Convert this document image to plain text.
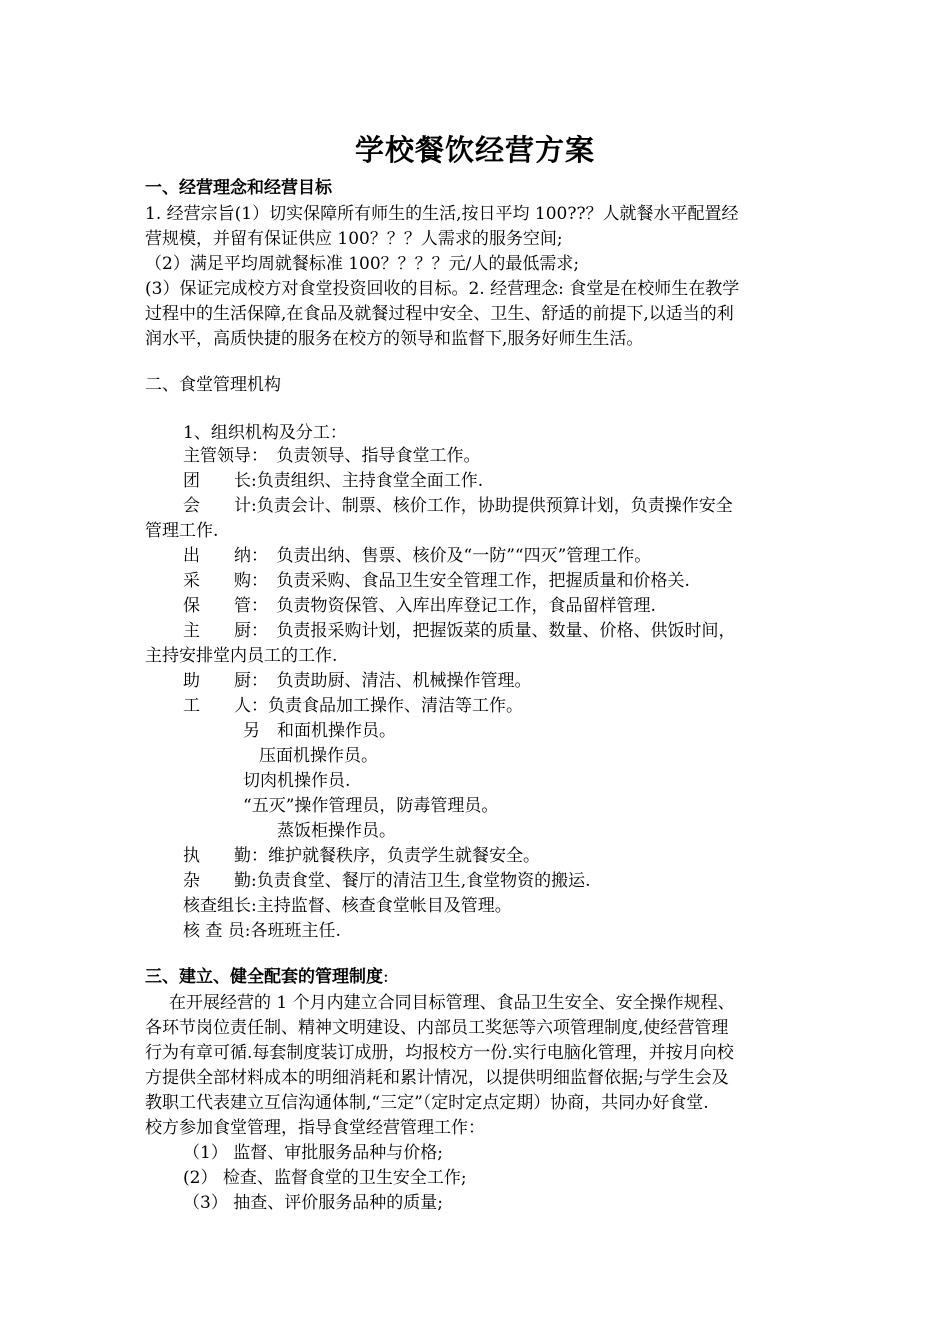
学校餐饮经营方案
一、经营理念和经营目标
1. 经营宗旨(1）切实保障所有师生的生活,按日平均 100??？人就餐水平配置经
营规模，并留有保证供应 100？？？人需求的服务空间;
（2）满足平均周就餐标准 100？？？？元/人的最低需求;
(3）保证完成校方对食堂投资回收的目标。2. 经营理念: 食堂是在校师生在教学
过程中的生活保障,在食品及就餐过程中安全、卫生、舒适的前提下,以适当的利
润水平，高质快捷的服务在校方的领导和监督下,服务好师生生活。
二、食堂管理机构
1、组织机构及分工：
主管领导：　负责领导、指导食堂工作。
团　　长:负责组织、主持食堂全面工作.
会　　计:负责会计、制票、核价工作，协助提供预算计划，负责操作安全
管理工作.
出　　纳：　负责出纳、售票、核价及“一防”“四灭”管理工作。
采　　购：　负责采购、食品卫生安全管理工作，把握质量和价格关.
保　　管：　负责物资保管、入库出库登记工作，食品留样管理.
主　　厨：　负责报采购计划，把握饭菜的质量、数量、价格、供饭时间，
主持安排堂内员工的工作.
助　　厨：　负责助厨、清洁、机械操作管理。
工　　人：负责食品加工操作、清洁等工作。
另　和面机操作员。
压面机操作员。
切肉机操作员.
“五灭”操作管理员，防毒管理员。
蒸饭柜操作员。
执　　勤：维护就餐秩序，负责学生就餐安全。
杂　　勤:负责食堂、餐厅的清洁卫生,食堂物资的搬运.
核查组长:主持监督、核查食堂帐目及管理。
核 查 员:各班班主任.
三、建立、健全配套的管理制度:
在开展经营的 1 个月内建立合同目标管理、食品卫生安全、安全操作规程、
各环节岗位责任制、精神文明建设、内部员工奖惩等六项管理制度,使经营管理
行为有章可循.每套制度装订成册，均报校方一份.实行电脑化管理，并按月向校
方提供全部材料成本的明细消耗和累计情况，以提供明细监督依据;与学生会及
教职工代表建立互信沟通体制,“三定”（定时定点定期）协商，共同办好食堂.
校方参加食堂管理，指导食堂经营管理工作：
（1） 监督、审批服务品种与价格;
(2） 检查、监督食堂的卫生安全工作;
（3） 抽查、评价服务品种的质量;
